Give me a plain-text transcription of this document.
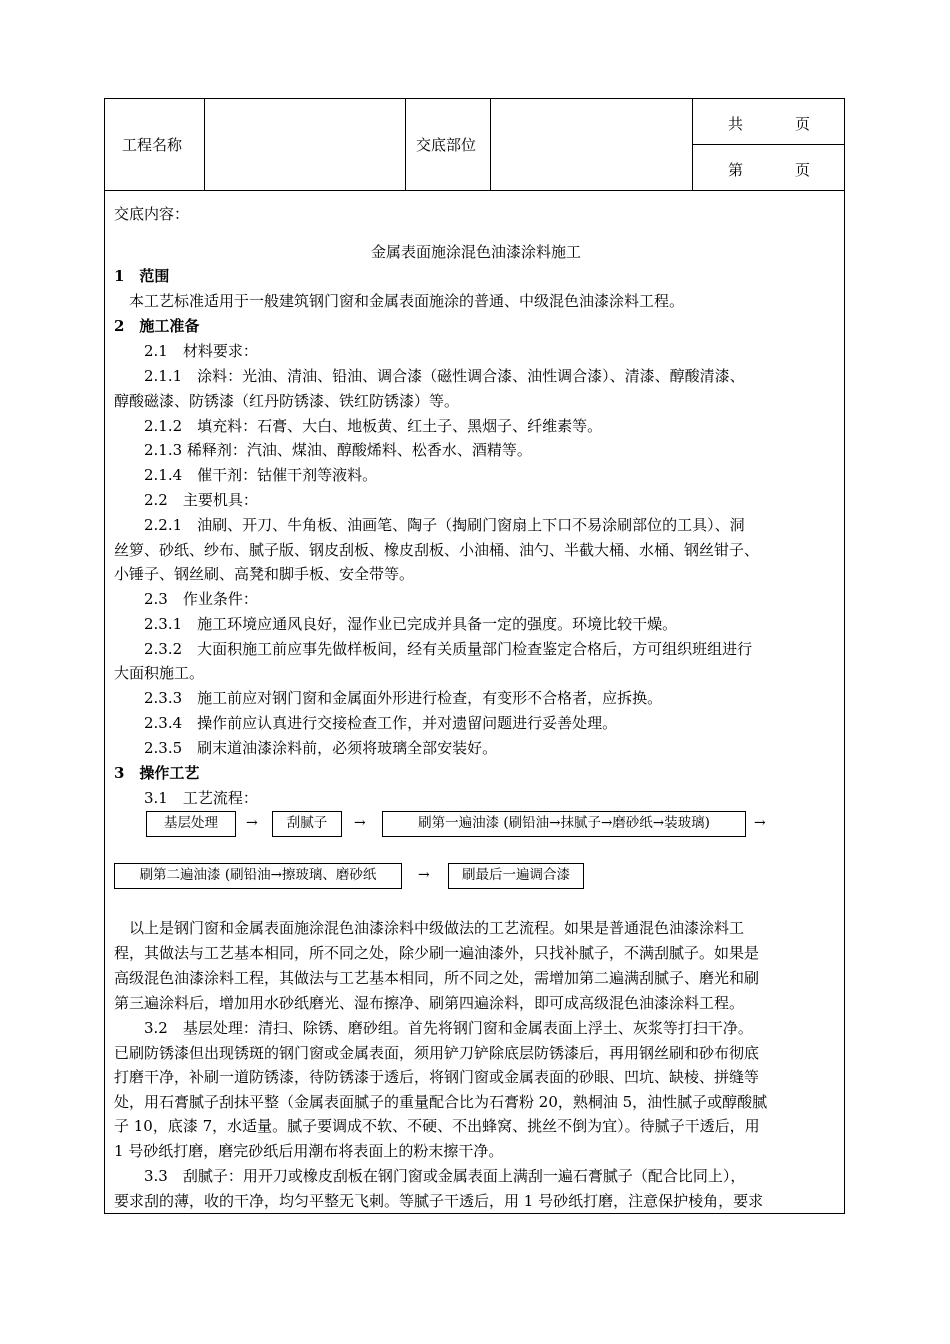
工程名称	交底部位
共	页
第	页
交底内容：
金属表面施涂混色油漆涂料施工
1　范围
　本工艺标准适用于一般建筑钢门窗和金属表面施涂的普通、中级混色油漆涂料工程。
2　施工准备
　　2.1　材料要求：
　　2.1.1　涂料：光油、清油、铅油、调合漆（磁性调合漆、油性调合漆）、清漆、醇酸清漆、
醇酸磁漆、防锈漆（红丹防锈漆、铁红防锈漆）等。
　　2.1.2　填充料：石膏、大白、地板黄、红土子、黑烟子、纤维素等。
　　2.1.3 稀释剂：汽油、煤油、醇酸烯料、松香水、酒精等。
　　2.1.4　催干剂：钴催干剂等液料。
　　2.2　主要机具：
　　2.2.1　油刷、开刀、牛角板、油画笔、陶子（掏刷门窗扇上下口不易涂刷部位的工具）、洞
丝箩、砂纸、纱布、腻子版、钢皮刮板、橡皮刮板、小油桶、油勺、半截大桶、水桶、钢丝钳子、
小锤子、钢丝刷、高凳和脚手板、安全带等。
　　2.3　作业条件：
　　2.3.1　施工环境应通风良好，湿作业已完成并具备一定的强度。环境比较干燥。
　　2.3.2　大面积施工前应事先做样板间，经有关质量部门检查鉴定合格后，方可组织班组进行
大面积施工。
　　2.3.3　施工前应对钢门窗和金属面外形进行检查，有变形不合格者，应拆换。
　　2.3.4　操作前应认真进行交接检查工作，并对遗留问题进行妥善处理。
　　2.3.5　刷末道油漆涂料前，必须将玻璃全部安装好。
3　操作工艺
　　3.1　工艺流程：
基层处理	→	刮腻子	→	刷第一遍油漆 (刷铅油→抹腻子→磨砂纸→装玻璃)	→
刷第二遍油漆 (刷铅油→擦玻璃、磨砂纸	→	刷最后一遍调合漆
　以上是钢门窗和金属表面施涂混色油漆涂料中级做法的工艺流程。如果是普通混色油漆涂料工
程，其做法与工艺基本相同，所不同之处，除少刷一遍油漆外，只找补腻子，不满刮腻子。如果是
高级混色油漆涂料工程，其做法与工艺基本相同，所不同之处，需增加第二遍满刮腻子、磨光和刷
第三遍涂料后，增加用水砂纸磨光、湿布擦净、刷第四遍涂料，即可成高级混色油漆涂料工程。
　　3.2　基层处理：清扫、除锈、磨砂组。首先将钢门窗和金属表面上浮土、灰浆等打扫干净。
已刷防锈漆但出现锈斑的钢门窗或金属表面，须用铲刀铲除底层防锈漆后，再用钢丝刷和砂布彻底
打磨干净，补刷一道防锈漆，待防锈漆于透后，将钢门窗或金属表面的砂眼、凹坑、缺棱、拼缝等
处，用石膏腻子刮抹平整（金属表面腻子的重量配合比为石膏粉 20，熟桐油 5，油性腻子或醇酸腻
子 10，底漆 7，水适量。腻子要调成不软、不硬、不出蜂窝、挑丝不倒为宜）。待腻子干透后，用
1 号砂纸打磨，磨完砂纸后用潮布将表面上的粉末擦干净。
　　3.3　刮腻子：用开刀或橡皮刮板在钢门窗或金属表面上满刮一遍石膏腻子（配合比同上），
要求刮的薄，收的干净，均匀平整无飞刺。等腻子干透后，用 1 号砂纸打磨，注意保护棱角，要求
